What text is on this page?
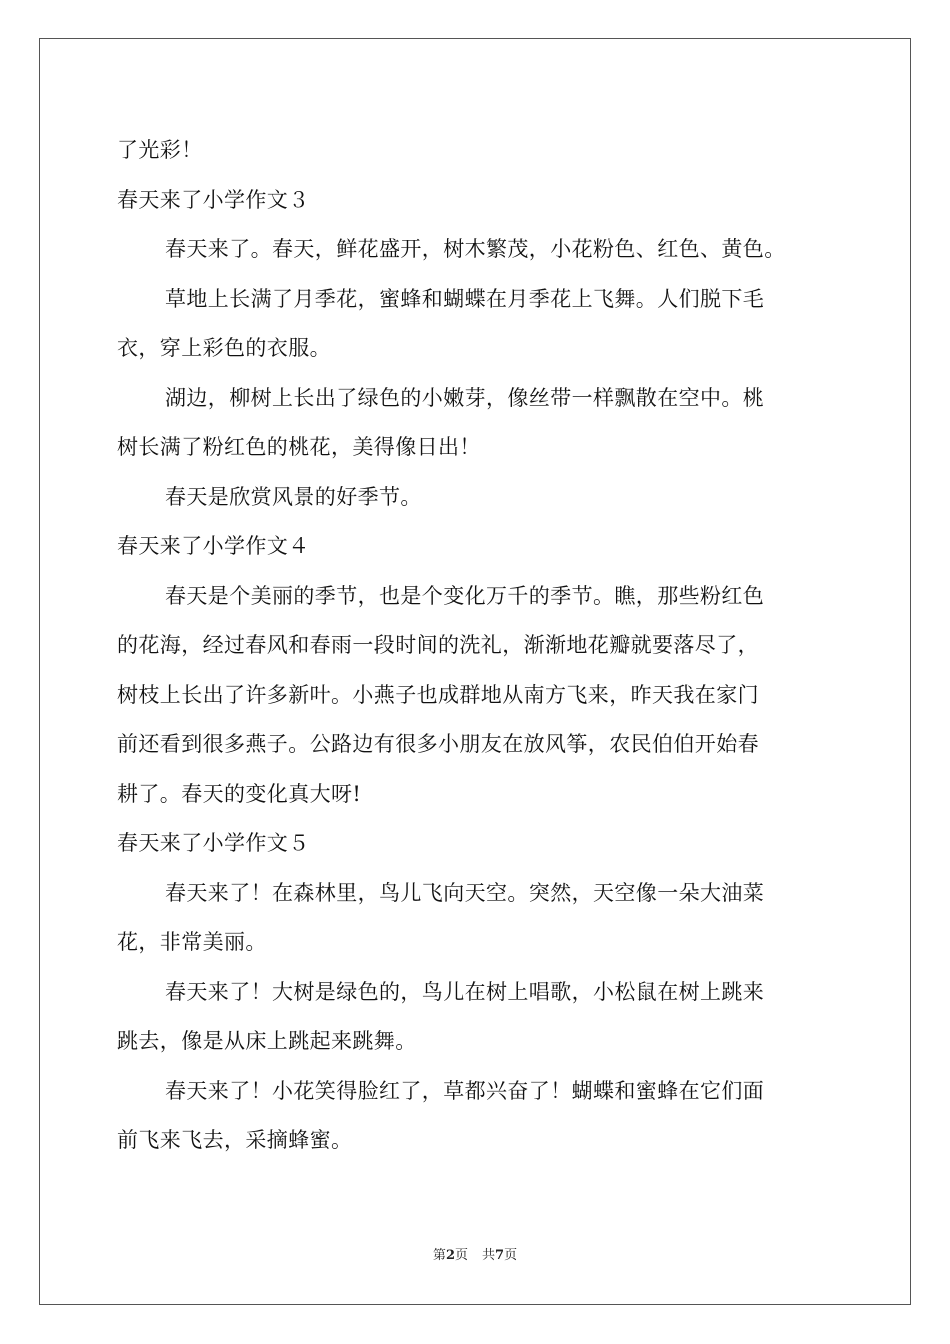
了光彩！
春天来了小学作文３
春天来了。春天，鲜花盛开，树木繁茂，小花粉色、红色、黄色。
草地上长满了月季花，蜜蜂和蝴蝶在月季花上飞舞。人们脱下毛
衣，穿上彩色的衣服。
湖边，柳树上长出了绿色的小嫩芽，像丝带一样飘散在空中。桃
树长满了粉红色的桃花，美得像日出！
春天是欣赏风景的好季节。
春天来了小学作文４
春天是个美丽的季节，也是个变化万千的季节。瞧，那些粉红色
的花海，经过春风和春雨一段时间的洗礼，渐渐地花瓣就要落尽了，
树枝上长出了许多新叶。小燕子也成群地从南方飞来，昨天我在家门
前还看到很多燕子。公路边有很多小朋友在放风筝，农民伯伯开始春
耕了。春天的变化真大呀!
春天来了小学作文５
春天来了！在森林里，鸟儿飞向天空。突然，天空像一朵大油菜
花，非常美丽。
春天来了！大树是绿色的，鸟儿在树上唱歌，小松鼠在树上跳来
跳去，像是从床上跳起来跳舞。
春天来了！小花笑得脸红了，草都兴奋了！蝴蝶和蜜蜂在它们面
前飞来飞去，采摘蜂蜜。
第2页 共7页
